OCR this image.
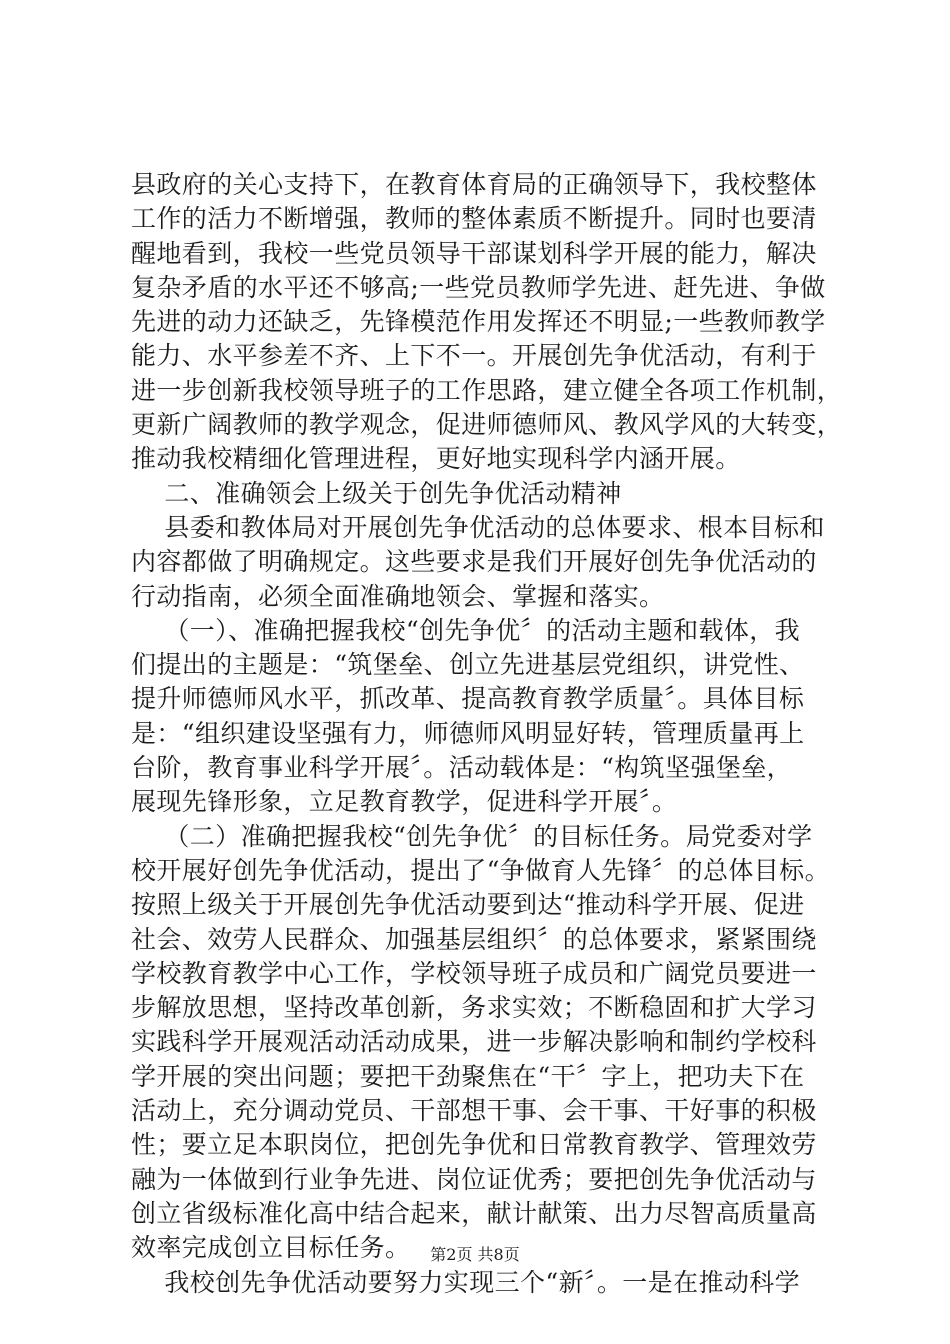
县政府的关心支持下，在教育体育局的正确领导下，我校整体
工作的活力不断增强，教师的整体素质不断提升。同时也要清
醒地看到，我校一些党员领导干部谋划科学开展的能力，解决
复杂矛盾的水平还不够高;一些党员教师学先进、赶先进、争做
先进的动力还缺乏，先锋模范作用发挥还不明显;一些教师教学
能力、水平参差不齐、上下不一。开展创先争优活动，有利于
进一步创新我校领导班子的工作思路，建立健全各项工作机制，
更新广阔教师的教学观念，促进师德师风、教风学风的大转变，
推动我校精细化管理进程，更好地实现科学内涵开展。
二、准确领会上级关于创先争优活动精神
县委和教体局对开展创先争优活动的总体要求、根本目标和
内容都做了明确规定。这些要求是我们开展好创先争优活动的
行动指南，必须全面准确地领会、掌握和落实。
（一）、准确把握我校“创先争优〞的活动主题和载体，我
们提出的主题是：“筑堡垒、创立先进基层党组织，讲党性、
提升师德师风水平，抓改革、提高教育教学质量〞。具体目标
是：“组织建设坚强有力，师德师风明显好转，管理质量再上
台阶，教育事业科学开展〞。活动载体是：“构筑坚强堡垒，
展现先锋形象，立足教育教学，促进科学开展〞。
（二）准确把握我校“创先争优〞的目标任务。局党委对学
校开展好创先争优活动，提出了“争做育人先锋〞的总体目标。
按照上级关于开展创先争优活动要到达“推动科学开展、促进
社会、效劳人民群众、加强基层组织〞的总体要求，紧紧围绕
学校教育教学中心工作，学校领导班子成员和广阔党员要进一
步解放思想，坚持改革创新，务求实效；不断稳固和扩大学习
实践科学开展观活动活动成果，进一步解决影响和制约学校科
学开展的突出问题；要把干劲聚焦在“干〞字上，把功夫下在
活动上，充分调动党员、干部想干事、会干事、干好事的积极
性；要立足本职岗位，把创先争优和日常教育教学、管理效劳
融为一体做到行业争先进、岗位证优秀；要把创先争优活动与
创立省级标准化高中结合起来，献计献策、出力尽智高质量高
效率完成创立目标任务。
我校创先争优活动要努力实现三个“新〞。一是在推动科学
第2页 共8页
